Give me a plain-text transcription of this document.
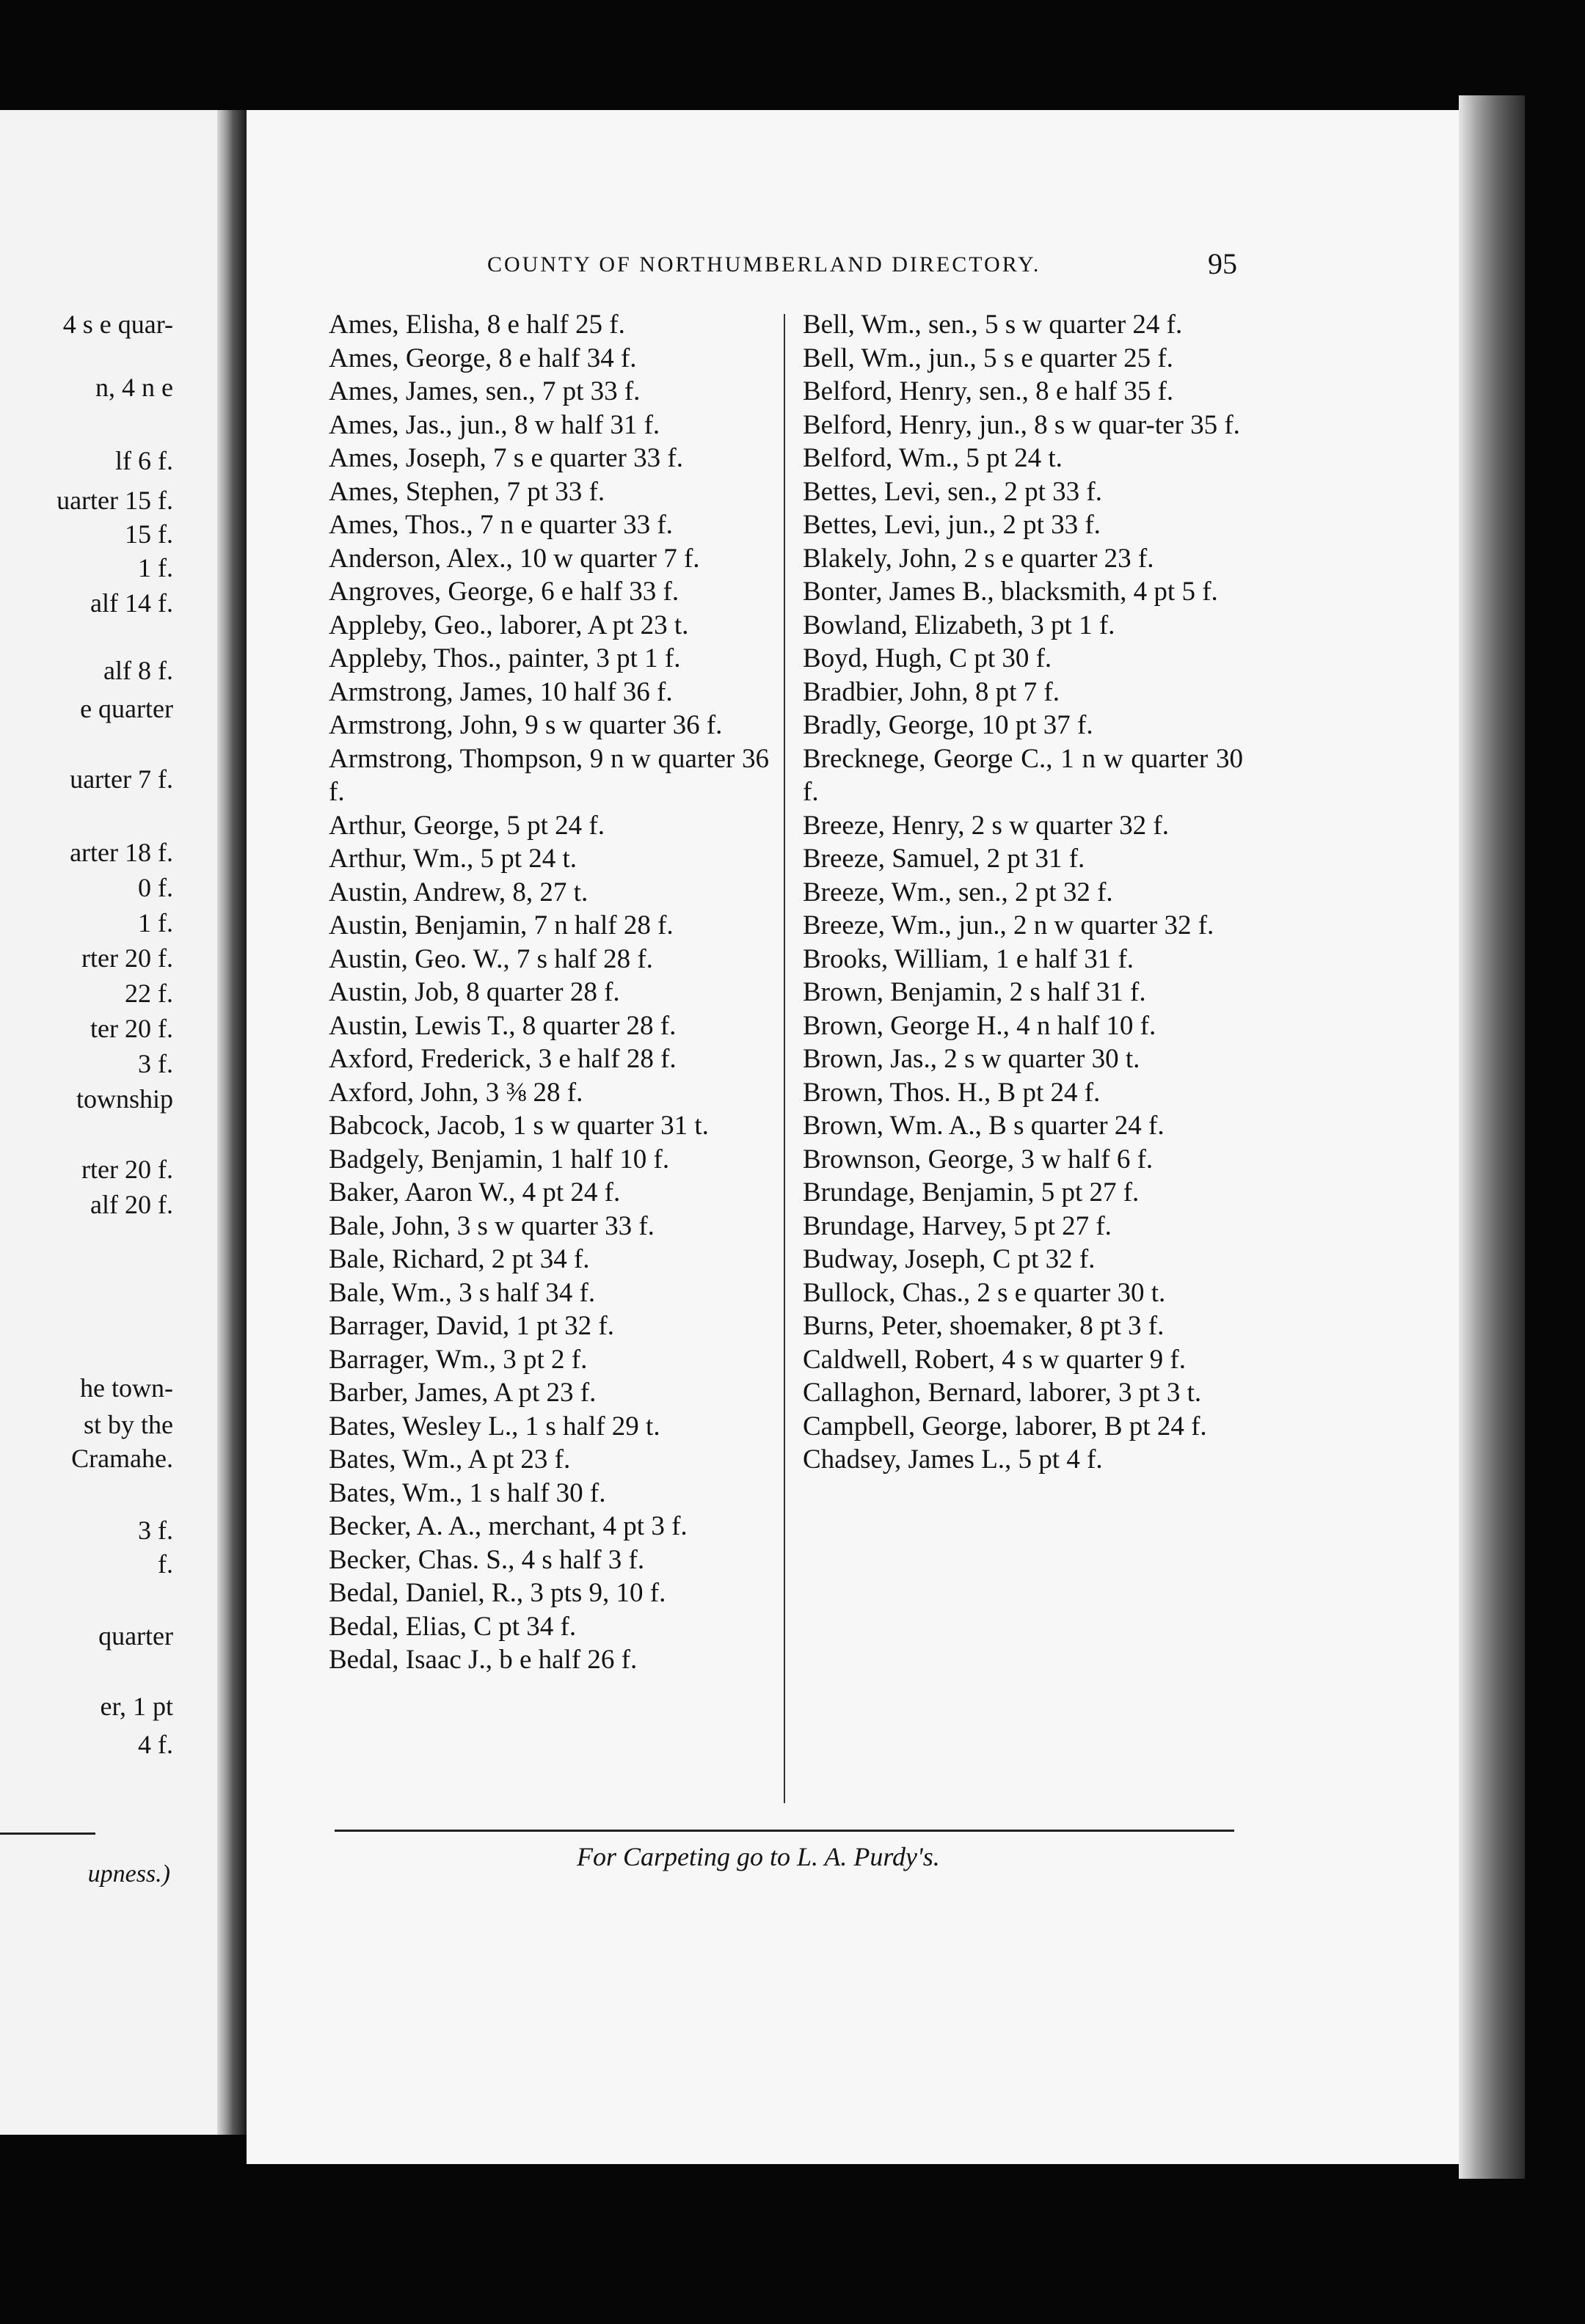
4 s e quar-
n, 4 n e
lf 6 f.
uarter 15 f.
15 f.
1 f.
alf 14 f.
alf 8 f.
e quarter
uarter 7 f.
arter 18 f.
0 f.
1 f.
rter 20 f.
22 f.
ter 20 f.
3 f.
township
rter 20 f.
alf 20 f.
he town-
st by the
Cramahe.
3 f.
f.
quarter
er, 1 pt
4 f.
upness.)
COUNTY OF NORTHUMBERLAND DIRECTORY.	95
Ames, Elisha, 8 e half 25 f.
Ames, George, 8 e half 34 f.
Ames, James, sen., 7 pt 33 f.
Ames, Jas., jun., 8 w half 31 f.
Ames, Joseph, 7 s e quarter 33 f.
Ames, Stephen, 7 pt 33 f.
Ames, Thos., 7 n e quarter 33 f.
Anderson, Alex., 10 w quarter 7 f.
Angroves, George, 6 e half 33 f.
Appleby, Geo., laborer, A pt 23 t.
Appleby, Thos., painter, 3 pt 1 f.
Armstrong, James, 10 half 36 f.
Armstrong, John, 9 s w quarter 36 f.
Armstrong, Thompson, 9 n w quarter 36 f.
Arthur, George, 5 pt 24 f.
Arthur, Wm., 5 pt 24 t.
Austin, Andrew, 8, 27 t.
Austin, Benjamin, 7 n half 28 f.
Austin, Geo. W., 7 s half 28 f.
Austin, Job, 8 quarter 28 f.
Austin, Lewis T., 8 quarter 28 f.
Axford, Frederick, 3 e half 28 f.
Axford, John, 3 ⅜ 28 f.
Babcock, Jacob, 1 s w quarter 31 t.
Badgely, Benjamin, 1 half 10 f.
Baker, Aaron W., 4 pt 24 f.
Bale, John, 3 s w quarter 33 f.
Bale, Richard, 2 pt 34 f.
Bale, Wm., 3 s half 34 f.
Barrager, David, 1 pt 32 f.
Barrager, Wm., 3 pt 2 f.
Barber, James, A pt 23 f.
Bates, Wesley L., 1 s half 29 t.
Bates, Wm., A pt 23 f.
Bates, Wm., 1 s half 30 f.
Becker, A. A., merchant, 4 pt 3 f.
Becker, Chas. S., 4 s half 3 f.
Bedal, Daniel, R., 3 pts 9, 10 f.
Bedal, Elias, C pt 34 f.
Bedal, Isaac J., b e half 26 f.
Bell, Wm., sen., 5 s w quarter 24 f.
Bell, Wm., jun., 5 s e quarter 25 f.
Belford, Henry, sen., 8 e half 35 f.
Belford, Henry, jun., 8 s w quar-ter 35 f.
Belford, Wm., 5 pt 24 t.
Bettes, Levi, sen., 2 pt 33 f.
Bettes, Levi, jun., 2 pt 33 f.
Blakely, John, 2 s e quarter 23 f.
Bonter, James B., blacksmith, 4 pt 5 f.
Bowland, Elizabeth, 3 pt 1 f.
Boyd, Hugh, C pt 30 f.
Bradbier, John, 8 pt 7 f.
Bradly, George, 10 pt 37 f.
Brecknege, George C., 1 n w quarter 30 f.
Breeze, Henry, 2 s w quarter 32 f.
Breeze, Samuel, 2 pt 31 f.
Breeze, Wm., sen., 2 pt 32 f.
Breeze, Wm., jun., 2 n w quarter 32 f.
Brooks, William, 1 e half 31 f.
Brown, Benjamin, 2 s half 31 f.
Brown, George H., 4 n half 10 f.
Brown, Jas., 2 s w quarter 30 t.
Brown, Thos. H., B pt 24 f.
Brown, Wm. A., B s quarter 24 f.
Brownson, George, 3 w half 6 f.
Brundage, Benjamin, 5 pt 27 f.
Brundage, Harvey, 5 pt 27 f.
Budway, Joseph, C pt 32 f.
Bullock, Chas., 2 s e quarter 30 t.
Burns, Peter, shoemaker, 8 pt 3 f.
Caldwell, Robert, 4 s w quarter 9 f.
Callaghon, Bernard, laborer, 3 pt 3 t.
Campbell, George, laborer, B pt 24 f.
Chadsey, James L., 5 pt 4 f.
For Carpeting go to L. A. Purdy's.
